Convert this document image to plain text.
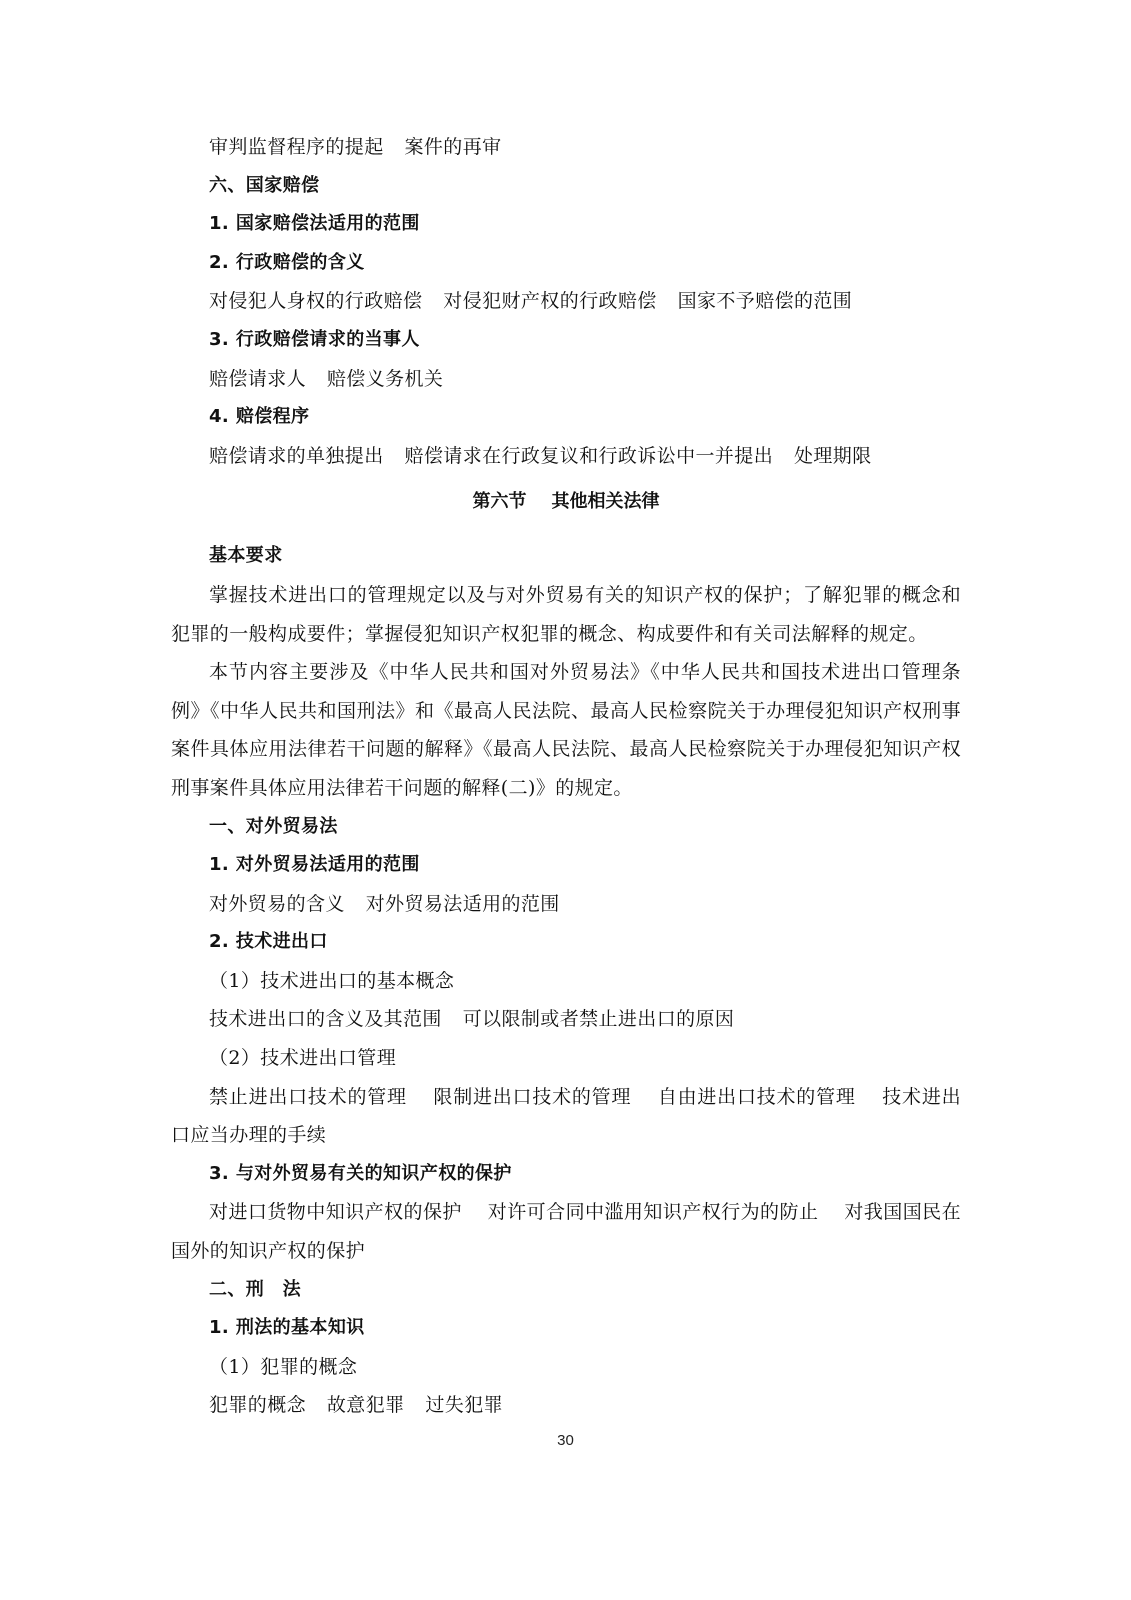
审判监督程序的提起 案件的再审
六、国家赔偿
1. 国家赔偿法适用的范围
2. 行政赔偿的含义
对侵犯人身权的行政赔偿 对侵犯财产权的行政赔偿 国家不予赔偿的范围
3. 行政赔偿请求的当事人
赔偿请求人 赔偿义务机关
4. 赔偿程序
赔偿请求的单独提出 赔偿请求在行政复议和行政诉讼中一并提出 处理期限
第六节    其他相关法律
基本要求
掌握技术进出口的管理规定以及与对外贸易有关的知识产权的保护；了解犯罪的概念和犯罪的一般构成要件；掌握侵犯知识产权犯罪的概念、构成要件和有关司法解释的规定。
本节内容主要涉及《中华人民共和国对外贸易法》《中华人民共和国技术进出口管理条例》《中华人民共和国刑法》和《最高人民法院、最高人民检察院关于办理侵犯知识产权刑事案件具体应用法律若干问题的解释》《最高人民法院、最高人民检察院关于办理侵犯知识产权刑事案件具体应用法律若干问题的解释(二)》的规定。
一、对外贸易法
1. 对外贸易法适用的范围
对外贸易的含义 对外贸易法适用的范围
2. 技术进出口
（1）技术进出口的基本概念
技术进出口的含义及其范围 可以限制或者禁止进出口的原因
（2）技术进出口管理
禁止进出口技术的管理　 限制进出口技术的管理　 自由进出口技术的管理　 技术进出口应当办理的手续
3. 与对外贸易有关的知识产权的保护
对进口货物中知识产权的保护　 对许可合同中滥用知识产权行为的防止　 对我国国民在国外的知识产权的保护
二、刑　法
1. 刑法的基本知识
（1）犯罪的概念
犯罪的概念 故意犯罪 过失犯罪
30
